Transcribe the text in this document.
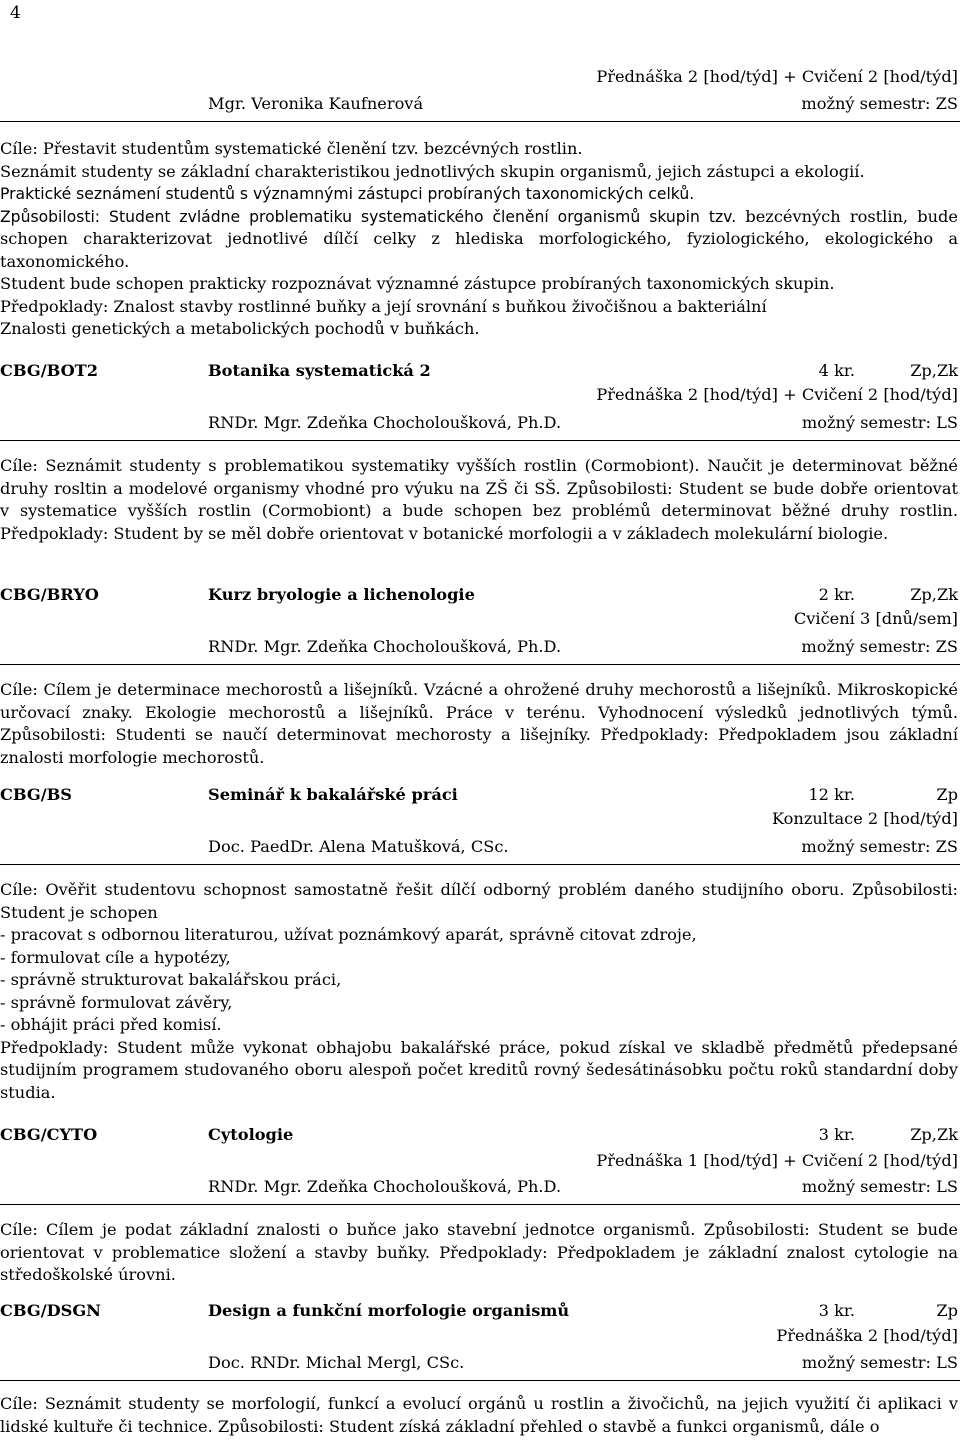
4
Přednáška 2 [hod/týd] + Cvičení 2 [hod/týd]
Mgr. Veronika Kaufnerová	možný semestr: ZS

Cíle: Přestavit studentům systematické členění tzv. bezcévných rostlin.

Seznámit studenty se základní charakteristikou jednotlivých skupin organismů, jejich zástupci a ekologií.

Praktické seznámení studentů s významnými zástupci probíraných taxonomických celků.

Způsobilosti: Student zvládne problematiku systematického členění organismů skupin tzv. bezcévných rostlin, bude schopen charakterizovat jednotlivé dílčí celky z hlediska morfologického, fyziologického, ekologického a taxonomického.

Student bude schopen prakticky rozpoznávat významné zástupce probíraných taxonomických skupin.

Předpoklady: Znalost stavby rostlinné buňky a její srovnání s buňkou živočišnou a bakteriální

Znalosti genetických a metabolických pochodů v buňkách.

CBG/BOT2	Botanika systematická 2	4 kr.	Zp,Zk
Přednáška 2 [hod/týd] + Cvičení 2 [hod/týd]
RNDr. Mgr. Zdeňka Chocholoušková, Ph.D.	možný semestr: LS

Cíle: Seznámit studenty s problematikou systematiky vyšších rostlin (Cormobiont). Naučit je determinovat běžné druhy rosltin a modelové organismy vhodné pro výuku na ZŠ či SŠ. Způsobilosti: Student se bude dobře orientovat v systematice vyšších rostlin (Cormobiont) a bude schopen bez problémů determinovat běžné druhy rostlin. Předpoklady: Student by se měl dobře orientovat v botanické morfologii a v základech molekulární biologie.

CBG/BRYO	Kurz bryologie a lichenologie	2 kr.	Zp,Zk
Cvičení 3 [dnů/sem]
RNDr. Mgr. Zdeňka Chocholoušková, Ph.D.	možný semestr: ZS

Cíle: Cílem je determinace mechorostů a lišejníků. Vzácné a ohrožené druhy mechorostů a lišejníků. Mikroskopické určovací znaky. Ekologie mechorostů a lišejníků. Práce v terénu. Vyhodnocení výsledků jednotlivých týmů. Způsobilosti: Studenti se naučí determinovat mechorosty a lišejníky. Předpoklady: Předpokladem jsou základní znalosti morfologie mechorostů.

CBG/BS	Seminář k bakalářské práci	12 kr.	Zp
Konzultace 2 [hod/týd]
Doc. PaedDr. Alena Matušková, CSc.	možný semestr: ZS

Cíle: Ověřit studentovu schopnost samostatně řešit dílčí odborný problém daného studijního oboru. Způsobilosti: Student je schopen

- pracovat s odbornou literaturou, užívat poznámkový aparát, správně citovat zdroje,

- formulovat cíle a hypotézy,

- správně strukturovat bakalářskou práci,

- správně formulovat závěry,

- obhájit práci před komisí.

Předpoklady: Student může vykonat obhajobu bakalářské práce, pokud získal ve skladbě předmětů předepsané studijním programem studovaného oboru alespoň počet kreditů rovný šedesátinásobku počtu roků standardní doby studia.

CBG/CYTO	Cytologie	3 kr.	Zp,Zk
Přednáška 1 [hod/týd] + Cvičení 2 [hod/týd]
RNDr. Mgr. Zdeňka Chocholoušková, Ph.D.	možný semestr: LS

Cíle: Cílem je podat základní znalosti o buňce jako stavební jednotce organismů. Způsobilosti: Student se bude orientovat v problematice složení a stavby buňky. Předpoklady: Předpokladem je základní znalost cytologie na středoškolské úrovni.

CBG/DSGN	Design a funkční morfologie organismů	3 kr.	Zp
Přednáška 2 [hod/týd]
Doc. RNDr. Michal Mergl, CSc.	možný semestr: LS

Cíle: Seznámit studenty se morfologií, funkcí a evolucí orgánů u rostlin a živočichů, na jejich využití či aplikaci v lidské kultuře či technice. Způsobilosti: Student získá základní přehled o stavbě a funkci organismů, dále o
